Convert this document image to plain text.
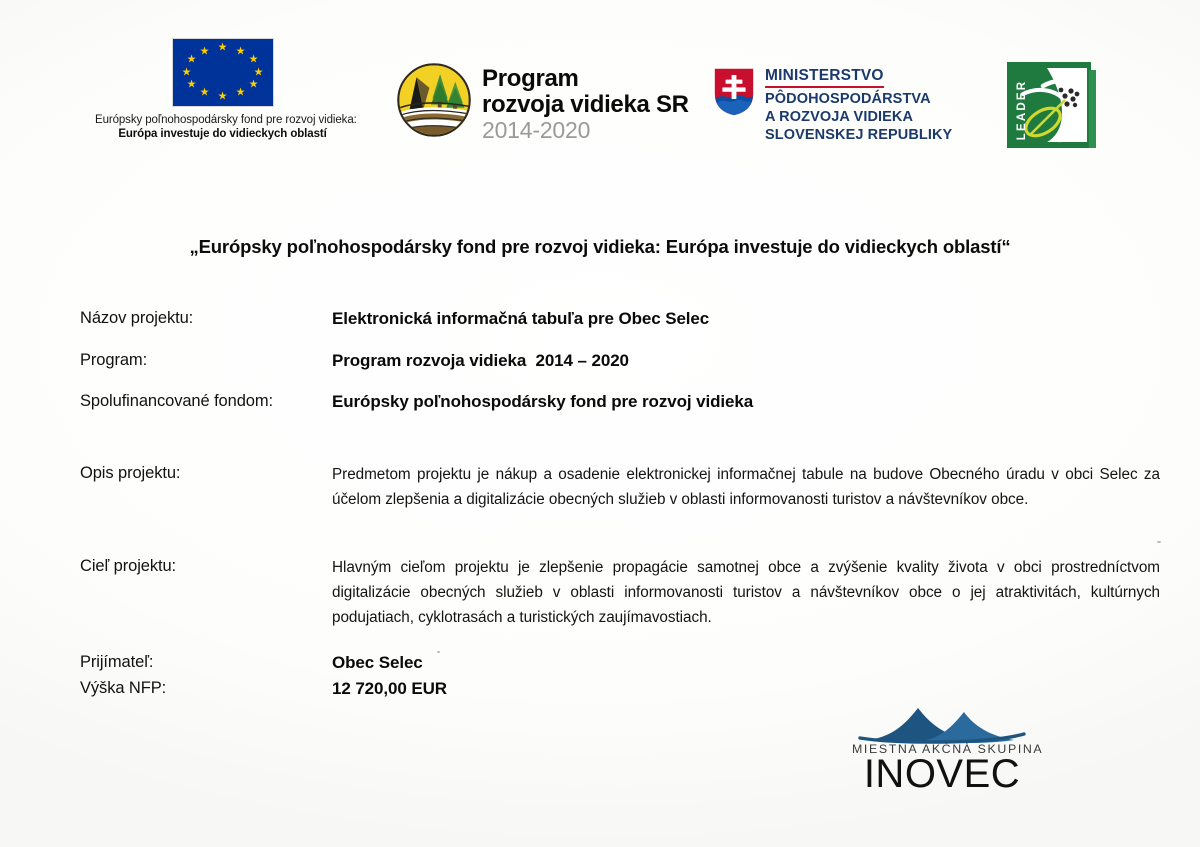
Európsky poľnohospodársky fond pre rozvoj vidieka:
Európa investuje do vidieckych oblastí
Program
rozvoja vidieka SR
2014-2020
MINISTERSTVO
PÔDOHOSPODÁRSTVA
A ROZVOJA VIDIEKA
SLOVENSKEJ REPUBLIKY	LEADER
„Európsky poľnohospodársky fond pre rozvoj vidieka: Európa investuje do vidieckych oblastí“
Názov projektu:	Elektronická informačná tabuľa pre Obec Selec
Program:	Program rozvoja vidieka  2014 – 2020
Spolufinancované fondom:	Európsky poľnohospodársky fond pre rozvoj vidieka
Opis projektu:	Predmetom projektu je nákup a osadenie elektronickej informačnej tabule na budove Obecného úradu v obci Selec za účelom zlepšenia a digitalizácie obecných služieb v oblasti informovanosti turistov a návštevníkov obce.
Cieľ projektu:	Hlavným cieľom projektu je zlepšenie propagácie samotnej obce a zvýšenie kvality života v obci prostredníctvom digitalizácie obecných služieb v oblasti informovanosti turistov a návštevníkov obce o jej atraktivitách, kultúrnych podujatiach, cyklotrasách a turistických zaujímavostiach.
Prijímateľ:	Obec Selec
Výška NFP:	12 720,00 EUR
MIESTNA AKČNÁ SKUPINA
INOVEC
